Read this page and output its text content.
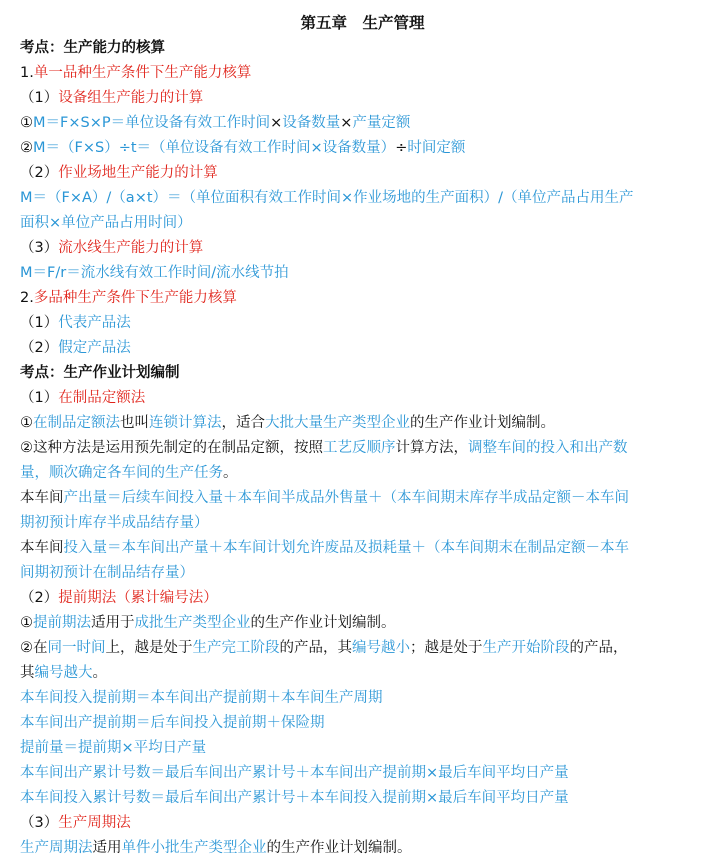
第五章　生产管理
考点：生产能力的核算
1.单一品种生产条件下生产能力核算
（1）设备组生产能力的计算
①M＝F×S×P＝单位设备有效工作时间×设备数量×产量定额
②M＝（F×S）÷t＝（单位设备有效工作时间×设备数量）÷时间定额
（2）作业场地生产能力的计算
M＝（F×A）/（a×t）＝（单位面积有效工作时间×作业场地的生产面积）/（单位产品占用生产
面积×单位产品占用时间）
（3）流水线生产能力的计算
M＝F/r＝流水线有效工作时间/流水线节拍
2.多品种生产条件下生产能力核算
（1）代表产品法
（2）假定产品法
考点：生产作业计划编制
（1）在制品定额法
①在制品定额法也叫连锁计算法，适合大批大量生产类型企业的生产作业计划编制。
②这种方法是运用预先制定的在制品定额，按照工艺反顺序计算方法，调整车间的投入和出产数
量，顺次确定各车间的生产任务。
本车间产出量＝后续车间投入量＋本车间半成品外售量＋（本车间期末库存半成品定额－本车间
期初预计库存半成品结存量）
本车间投入量＝本车间出产量＋本车间计划允许废品及损耗量＋（本车间期末在制品定额－本车
间期初预计在制品结存量）
（2）提前期法（累计编号法）
①提前期法适用于成批生产类型企业的生产作业计划编制。
②在同一时间上，越是处于生产完工阶段的产品，其编号越小；越是处于生产开始阶段的产品，
其编号越大。
本车间投入提前期＝本车间出产提前期＋本车间生产周期
本车间出产提前期＝后车间投入提前期＋保险期
提前量＝提前期×平均日产量
本车间出产累计号数＝最后车间出产累计号＋本车间出产提前期×最后车间平均日产量
本车间投入累计号数＝最后车间出产累计号＋本车间投入提前期×最后车间平均日产量
（3）生产周期法
生产周期法适用单件小批生产类型企业的生产作业计划编制。
